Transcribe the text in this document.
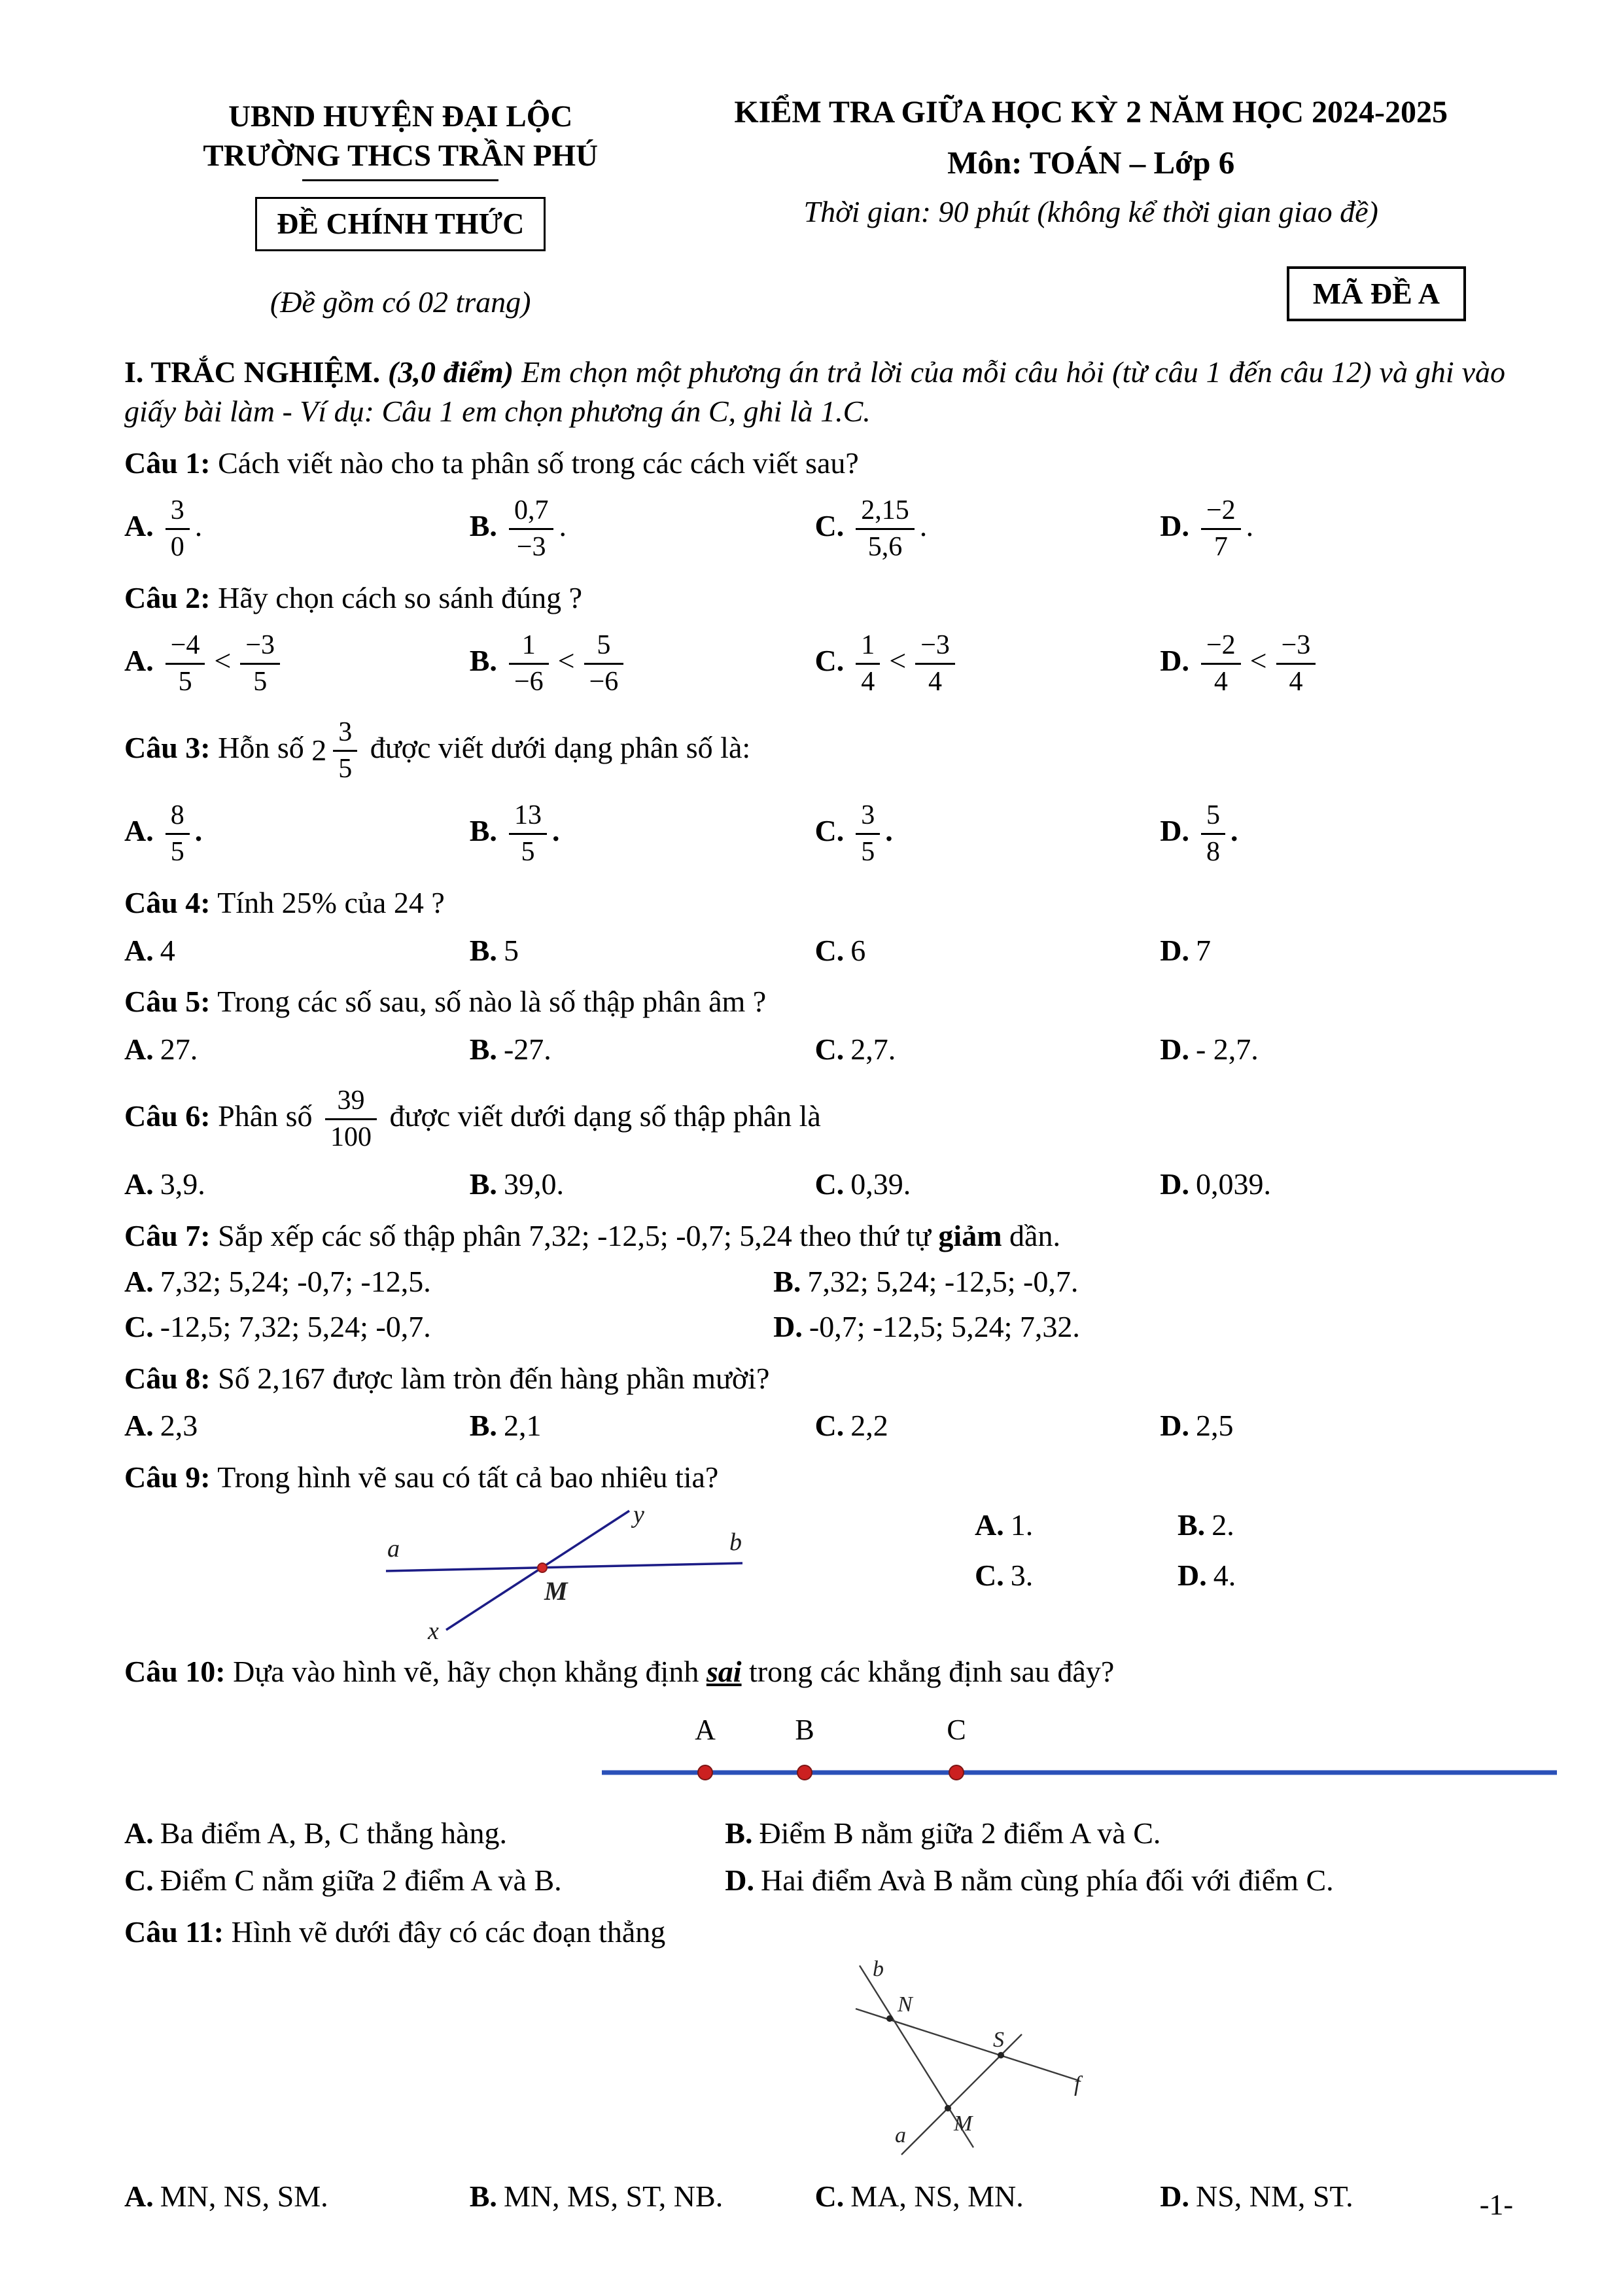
UBND HUYỆN ĐẠI LỘC
TRƯỜNG THCS TRẦN PHÚ
ĐỀ CHÍNH THỨC
(Đề gồm có 02 trang)
KIỂM TRA GIỮA HỌC KỲ 2 NĂM HỌC 2024-2025
Môn: TOÁN – Lớp 6
Thời gian: 90 phút (không kể thời gian giao đề)
MÃ ĐỀ A

I. TRẮC NGHIỆM. (3,0 điểm) Em chọn một phương án trả lời của mỗi câu hỏi (từ câu 1 đến câu 12) và ghi vào giấy bài làm - Ví dụ: Câu 1 em chọn phương án C, ghi là 1.C.

Câu 1: Cách viết nào cho ta phân số trong các cách viết sau?

A. $\frac{3}{0}$ .	B. $\frac{0,7}{-3}$ .	C. $\frac{2,15}{5,6}$ .	D. $\frac{-2}{7}$ .

Câu 2: Hãy chọn cách so sánh đúng ?

A. $\frac{-4}{5} < \frac{-3}{5}$	B. $\frac{1}{-6} < \frac{5}{-6}$	C. $\frac{1}{4} < \frac{-3}{4}$	D. $\frac{-2}{4} < \frac{-3}{4}$

Câu 3: Hỗn số $2 \frac{3}{5}$ được viết dưới dạng phân số là:

A. $\frac{8}{5}$ .	B. $\frac{13}{5}$ .	C. $\frac{3}{5}$ .	D. $\frac{5}{8}$ .

Câu 4: Tính 25% của 24 ?

A. 4	B. 5	C. 6	D. 7

Câu 5: Trong các số sau, số nào là số thập phân âm ?

A. 27.	B. -27.	C. 2,7.	D. - 2,7.

Câu 6: Phân số $\frac{39}{100}$ được viết dưới dạng số thập phân là

A. 3,9.	B. 39,0.	C. 0,39.	D. 0,039.

Câu 7: Sắp xếp các số thập phân 7,32; -12,5; -0,7; 5,24 theo thứ tự giảm dần.

A. 7,32; 5,24; -0,7; -12,5.	B. 7,32; 5,24; -12,5; -0,7.
C. -12,5; 7,32; 5,24; -0,7.	D. -0,7; -12,5; 5,24; 7,32.

Câu 8: Số 2,167 được làm tròn đến hàng phần mười?

A. 2,3	B. 2,1	C. 2,2	D. 2,5

Câu 9: Trong hình vẽ sau có tất cả bao nhiêu tia?

a	b
y
x
M
A. 1.	B. 2.
C. 3.	D. 4.

Câu 10: Dựa vào hình vẽ, hãy chọn khẳng định sai trong các khẳng định sau đây?

A	B	C
A. Ba điểm A, B, C thẳng hàng.	B. Điểm B nằm giữa 2 điểm A và C.
C. Điểm C nằm giữa 2 điểm A và B.	D. Hai điểm Avà B nằm cùng phía đối với điểm C.

Câu 11: Hình vẽ dưới đây có các đoạn thẳng

b
N
S
f
a M
A. MN, NS, SM.	B. MN, MS, ST, NB.	C. MA, NS, MN.	D. NS, NM, ST.	-1-
